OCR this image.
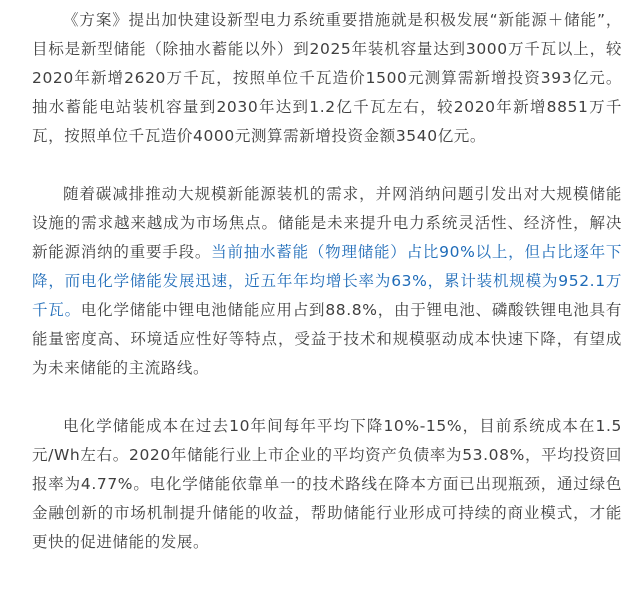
《方案》提出加快建设新型电力系统重要措施就是积极发展“新能源＋储能”，目标是新型储能（除抽水蓄能以外）到2025年装机容量达到3000万千瓦以上，较2020年新增2620万千瓦，按照单位千瓦造价1500元测算需新增投资393亿元。抽水蓄能电站装机容量到2030年达到1.2亿千瓦左右，较2020年新增8851万千瓦，按照单位千瓦造价4000元测算需新增投资金额3540亿元。

随着碳减排推动大规模新能源装机的需求，并网消纳问题引发出对大规模储能设施的需求越来越成为市场焦点。储能是未来提升电力系统灵活性、经济性，解决新能源消纳的重要手段。当前抽水蓄能（物理储能）占比90%以上，但占比逐年下降，而电化学储能发展迅速，近五年年均增长率为63%，累计装机规模为952.1万千瓦。电化学储能中锂电池储能应用占到88.8%，由于锂电池、磷酸铁锂电池具有能量密度高、环境适应性好等特点，受益于技术和规模驱动成本快速下降，有望成为未来储能的主流路线。

电化学储能成本在过去10年间每年平均下降10%-15%，目前系统成本在1.5元/Wh左右。2020年储能行业上市企业的平均资产负债率为53.08%，平均投资回报率为4.77%。电化学储能依靠单一的技术路线在降本方面已出现瓶颈，通过绿色金融创新的市场机制提升储能的收益，帮助储能行业形成可持续的商业模式，才能更快的促进储能的发展。
